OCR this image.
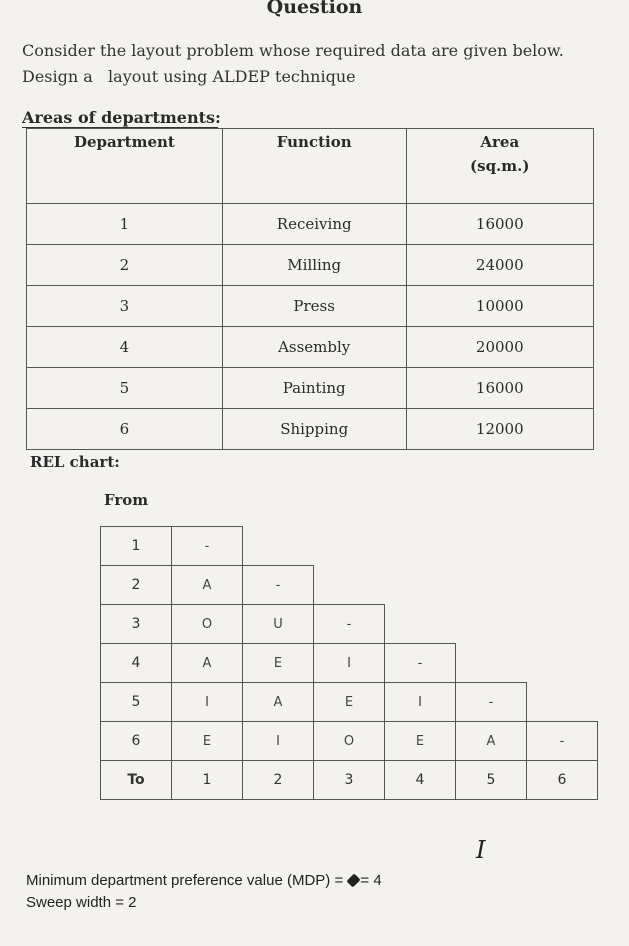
Question
Consider the layout problem whose required data are given below.
Design a   layout using ALDEP technique
Areas of departments:
Department	Function	Area
(sq.m.)

1	Receiving	16000
2	Milling	24000
3	Press	10000
4	Assembly	20000
5	Painting	16000
6	Shipping	12000
REL chart:
From
1	-
2	A	-
3	O	U	-
4	A	E	I	-
5	I	A	E	I	-
6	E	I	O	E	A	-
To	1	2	3	4	5	6
I
Minimum department preference value (MDP) = = 4
Sweep width = 2
